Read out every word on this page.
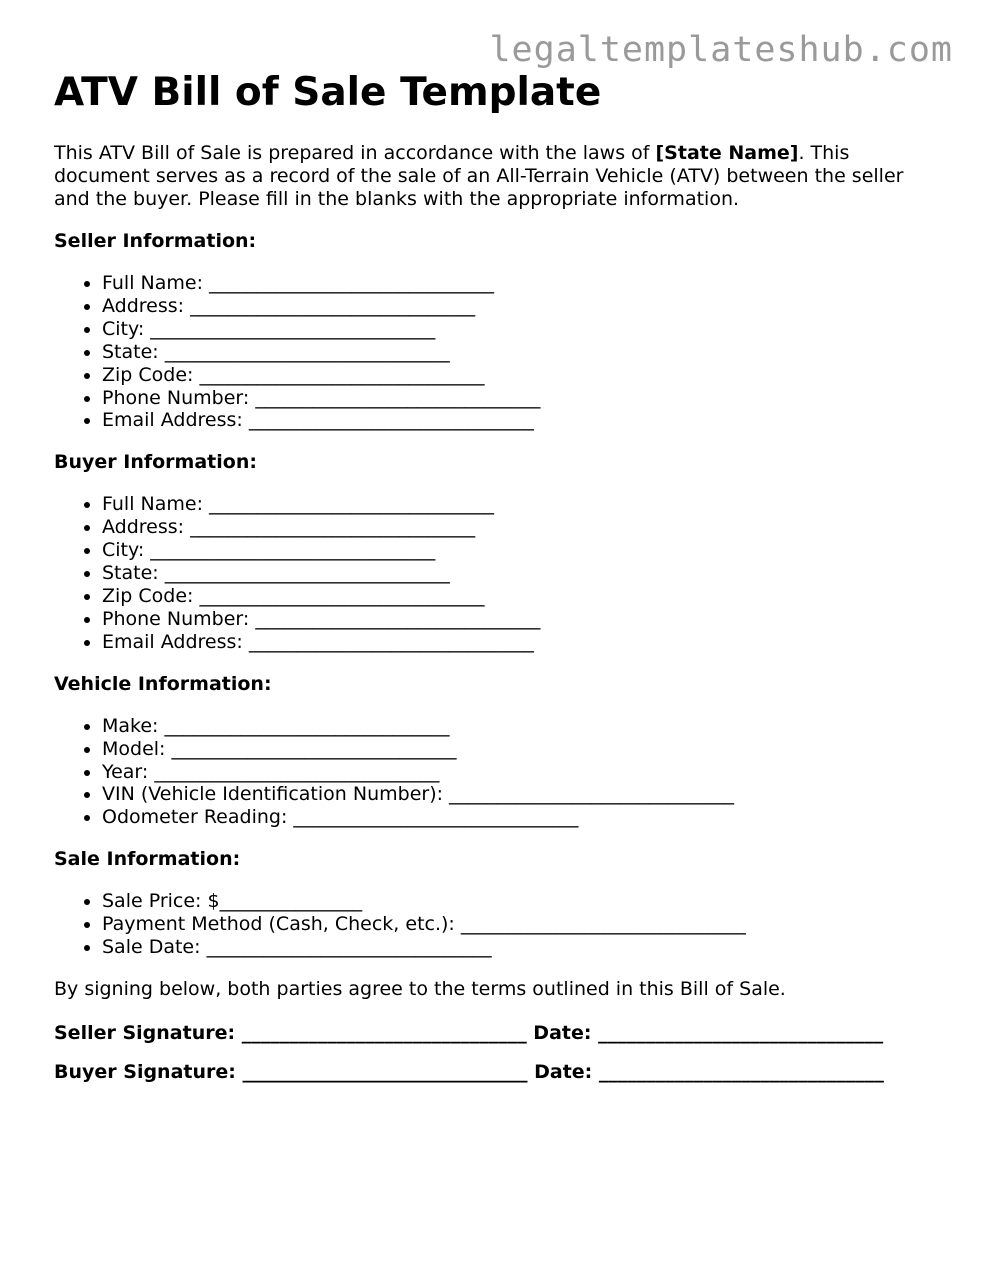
legaltemplateshub.com
ATV Bill of Sale Template

This ATV Bill of Sale is prepared in accordance with the laws of [State Name]. This document serves as a record of the sale of an All-Terrain Vehicle (ATV) between the seller and the buyer. Please fill in the blanks with the appropriate information.

Seller Information:
• Full Name: ______________________________
• Address: ______________________________
• City: ______________________________
• State: ______________________________
• Zip Code: ______________________________
• Phone Number: ______________________________
• Email Address: ______________________________
Buyer Information:
• Full Name: ______________________________
• Address: ______________________________
• City: ______________________________
• State: ______________________________
• Zip Code: ______________________________
• Phone Number: ______________________________
• Email Address: ______________________________
Vehicle Information:
• Make: ______________________________
• Model: ______________________________
• Year: ______________________________
• VIN (Vehicle Identification Number): ______________________________
• Odometer Reading: ______________________________
Sale Information:
• Sale Price: $_______________
• Payment Method (Cash, Check, etc.): ______________________________
• Sale Date: ______________________________

By signing below, both parties agree to the terms outlined in this Bill of Sale.

Seller Signature: ______________________________ Date: ______________________________

Buyer Signature: ______________________________ Date: ______________________________
